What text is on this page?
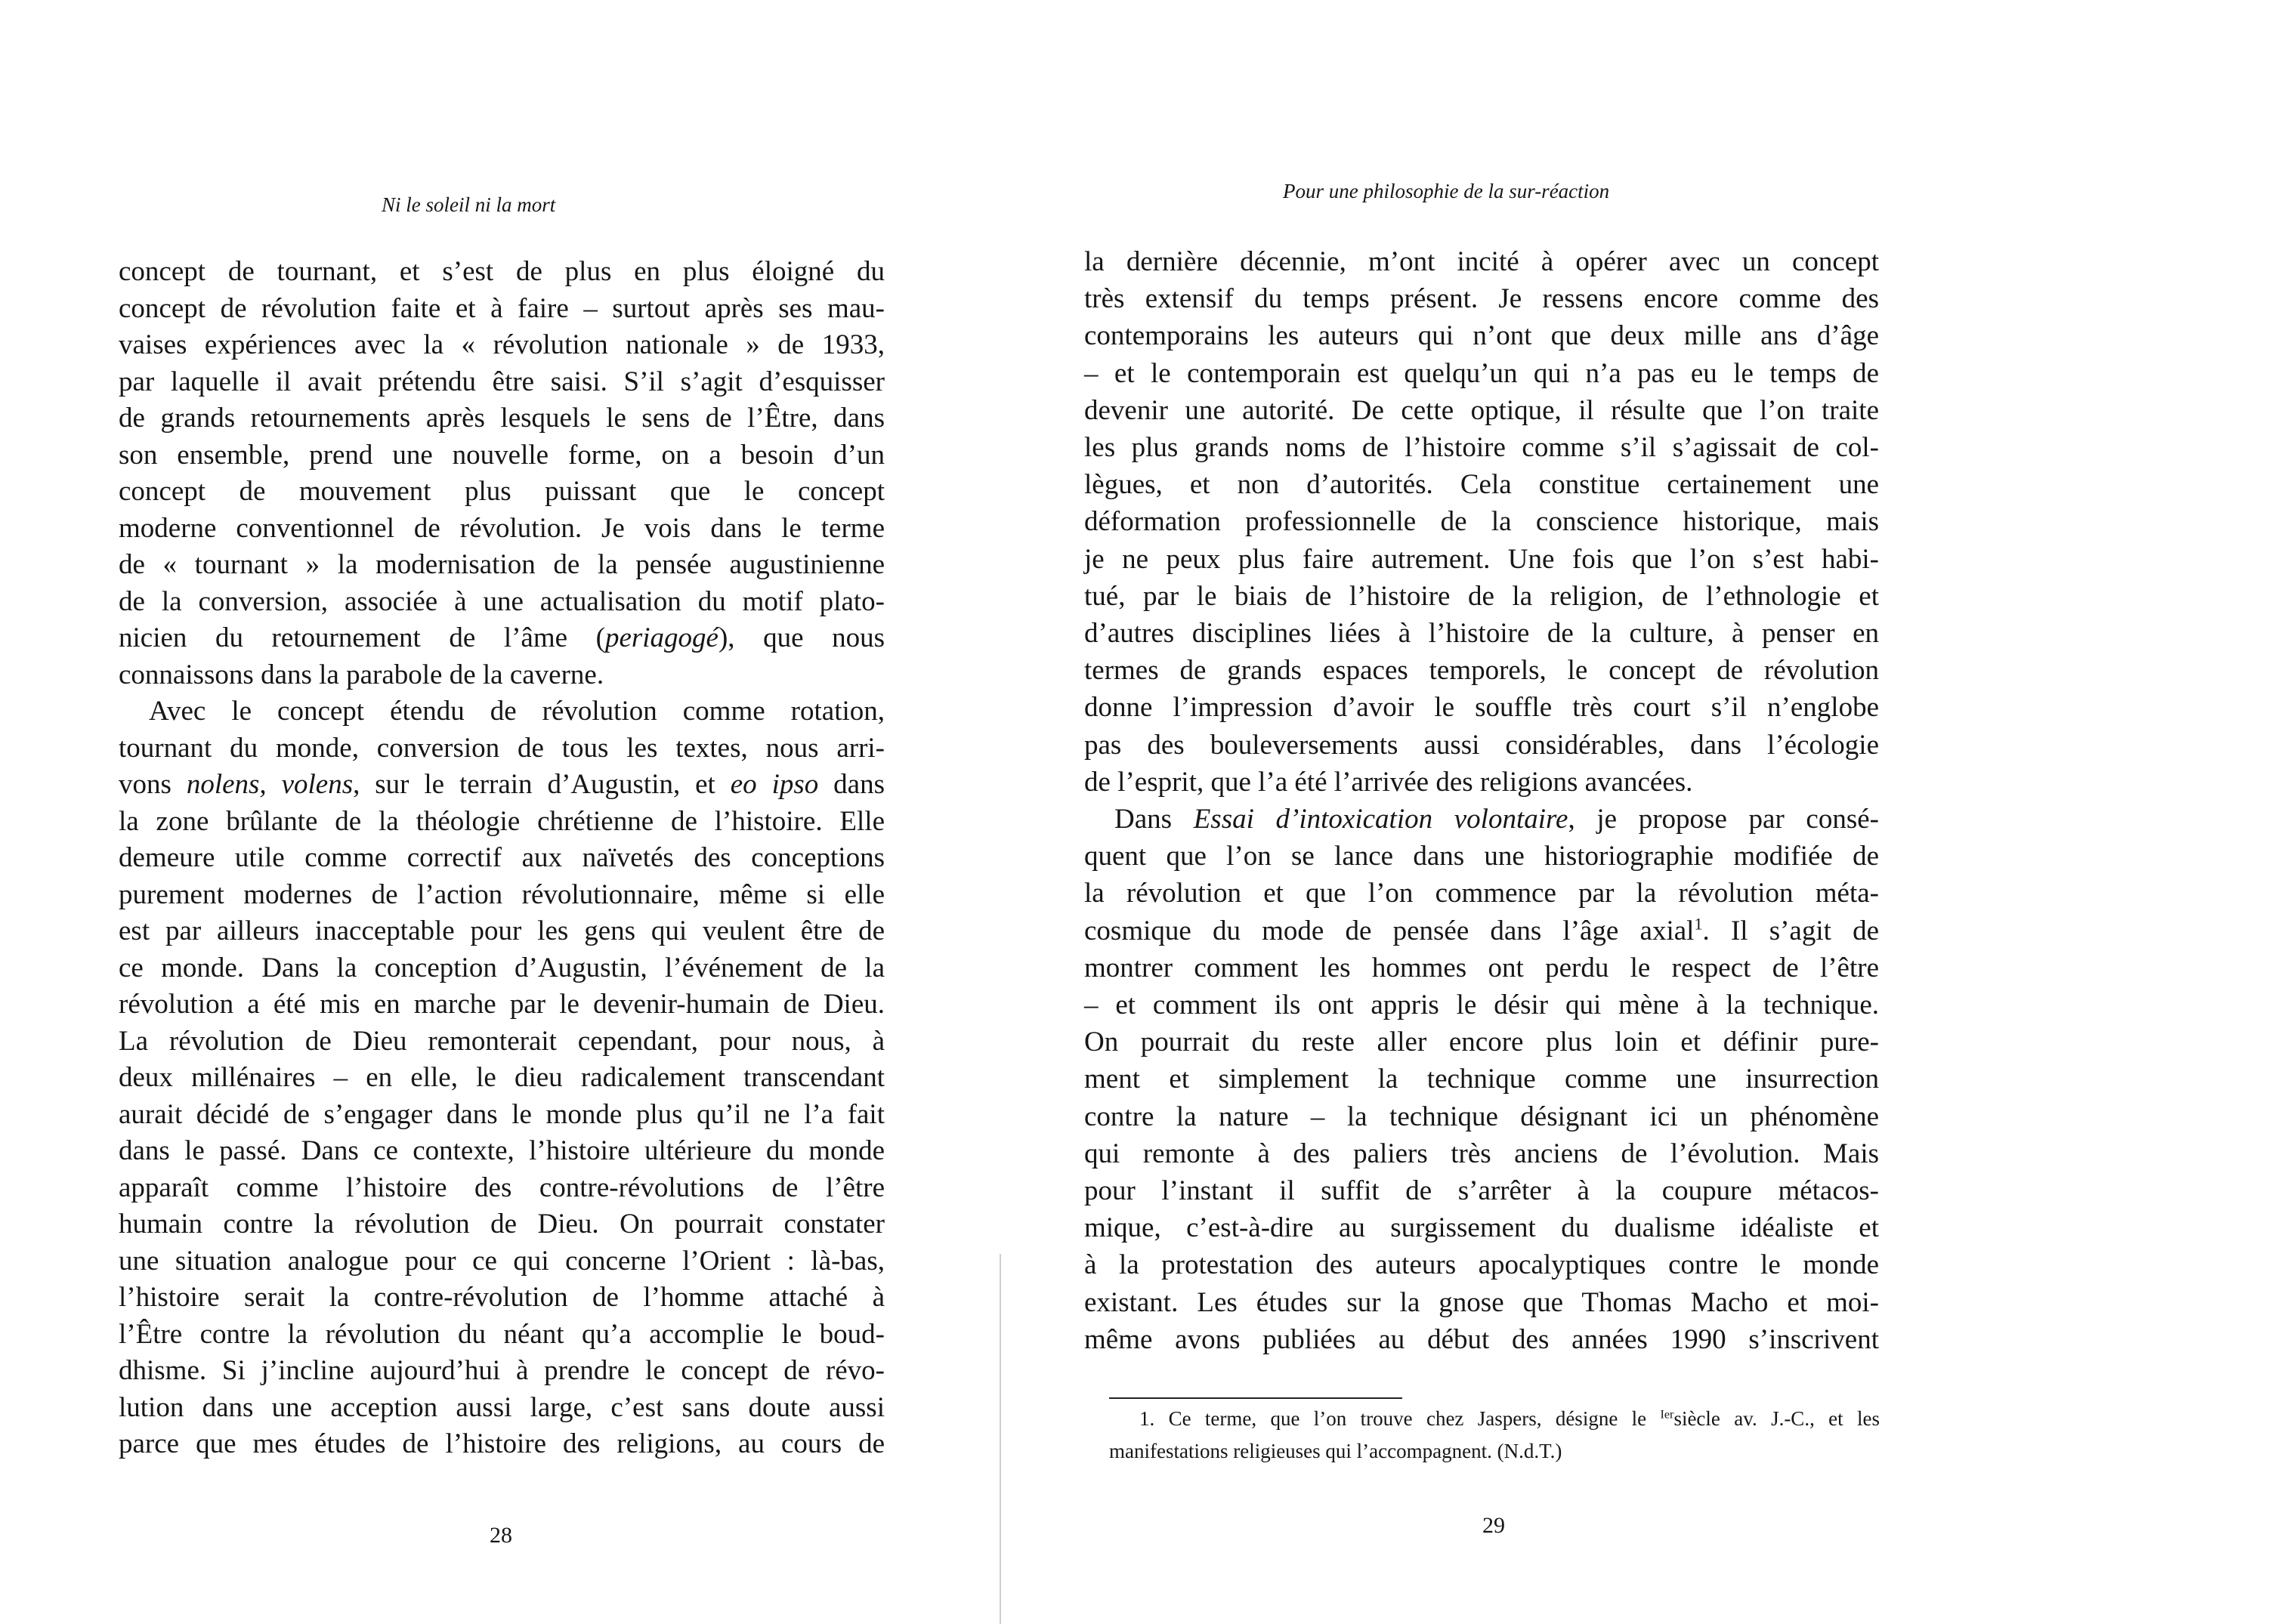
Ni le soleil ni la mort
Pour une philosophie de la sur-réaction
concept de tournant, et s’est de plus en plus éloigné du
concept de révolution faite et à faire – surtout après ses mau-
vaises expériences avec la « révolution nationale » de 1933,
par laquelle il avait prétendu être saisi. S’il s’agit d’esquisser
de grands retournements après lesquels le sens de l’Être, dans
son ensemble, prend une nouvelle forme, on a besoin d’un
concept de mouvement plus puissant que le concept
moderne conventionnel de révolution. Je vois dans le terme
de « tournant » la modernisation de la pensée augustinienne
de la conversion, associée à une actualisation du motif plato-
nicien du retournement de l’âme (periagogé), que nous
connaissons dans la parabole de la caverne.
Avec le concept étendu de révolution comme rotation,
tournant du monde, conversion de tous les textes, nous arri-
vons nolens, volens, sur le terrain d’Augustin, et eo ipso dans
la zone brûlante de la théologie chrétienne de l’histoire. Elle
demeure utile comme correctif aux naïvetés des conceptions
purement modernes de l’action révolutionnaire, même si elle
est par ailleurs inacceptable pour les gens qui veulent être de
ce monde. Dans la conception d’Augustin, l’événement de la
révolution a été mis en marche par le devenir-humain de Dieu.
La révolution de Dieu remonterait cependant, pour nous, à
deux millénaires – en elle, le dieu radicalement transcendant
aurait décidé de s’engager dans le monde plus qu’il ne l’a fait
dans le passé. Dans ce contexte, l’histoire ultérieure du monde
apparaît comme l’histoire des contre-révolutions de l’être
humain contre la révolution de Dieu. On pourrait constater
une situation analogue pour ce qui concerne l’Orient : là-bas,
l’histoire serait la contre-révolution de l’homme attaché à
l’Être contre la révolution du néant qu’a accomplie le boud-
dhisme. Si j’incline aujourd’hui à prendre le concept de révo-
lution dans une acception aussi large, c’est sans doute aussi
parce que mes études de l’histoire des religions, au cours de
la dernière décennie, m’ont incité à opérer avec un concept
très extensif du temps présent. Je ressens encore comme des
contemporains les auteurs qui n’ont que deux mille ans d’âge
– et le contemporain est quelqu’un qui n’a pas eu le temps de
devenir une autorité. De cette optique, il résulte que l’on traite
les plus grands noms de l’histoire comme s’il s’agissait de col-
lègues, et non d’autorités. Cela constitue certainement une
déformation professionnelle de la conscience historique, mais
je ne peux plus faire autrement. Une fois que l’on s’est habi-
tué, par le biais de l’histoire de la religion, de l’ethnologie et
d’autres disciplines liées à l’histoire de la culture, à penser en
termes de grands espaces temporels, le concept de révolution
donne l’impression d’avoir le souffle très court s’il n’englobe
pas des bouleversements aussi considérables, dans l’écologie
de l’esprit, que l’a été l’arrivée des religions avancées.
Dans Essai d’intoxication volontaire, je propose par consé-
quent que l’on se lance dans une historiographie modifiée de
la révolution et que l’on commence par la révolution méta-
cosmique du mode de pensée dans l’âge axial$^1$. Il s’agit de
montrer comment les hommes ont perdu le respect de l’être
– et comment ils ont appris le désir qui mène à la technique.
On pourrait du reste aller encore plus loin et définir pure-
ment et simplement la technique comme une insurrection
contre la nature – la technique désignant ici un phénomène
qui remonte à des paliers très anciens de l’évolution. Mais
pour l’instant il suffit de s’arrêter à la coupure métacos-
mique, c’est-à-dire au surgissement du dualisme idéaliste et
à la protestation des auteurs apocalyptiques contre le monde
existant. Les études sur la gnose que Thomas Macho et moi-
même avons publiées au début des années 1990 s’inscrivent
1. Ce terme, que l’on trouve chez Jaspers, désigne le $^{Ier}$siècle av. J.-C., et les
manifestations religieuses qui l’accompagnent. (N.d.T.)
28	29
